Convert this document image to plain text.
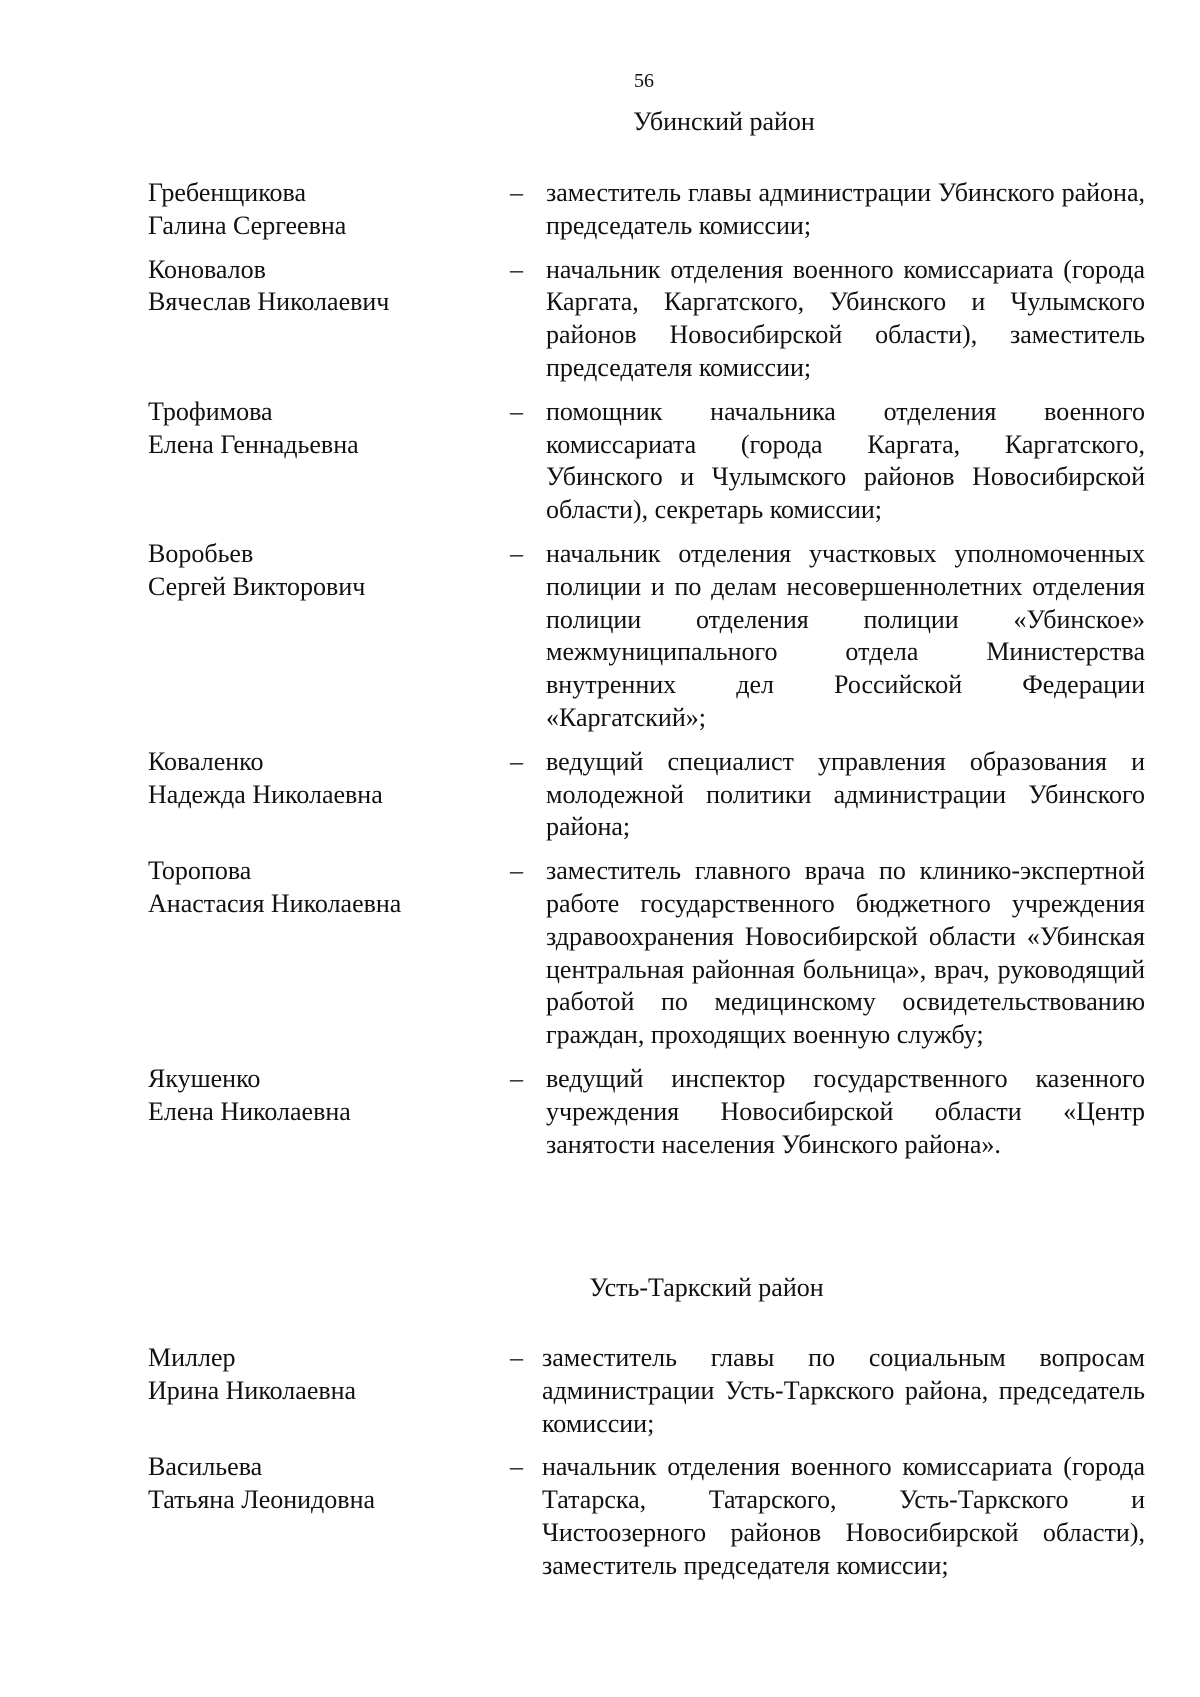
56
Убинский район
Гребенщикова
Галина Сергеевна
– заместитель главы администрации Убинского района, председатель комиссии;
Коновалов
Вячеслав Николаевич
– начальник отделения военного комиссариата (города Каргата, Каргатского, Убинского и Чулымского районов Новосибирской области), заместитель председателя комиссии;
Трофимова
Елена Геннадьевна
– помощник начальника отделения военного комиссариата (города Каргата, Каргатского, Убинского и Чулымского районов Новосибирской области), секретарь комиссии;
Воробьев
Сергей Викторович
– начальник отделения участковых уполномоченных полиции и по делам несовершеннолетних отделения полиции отделения полиции «Убинское» межмуниципального отдела Министерства внутренних дел Российской Федерации «Каргатский»;
Коваленко
Надежда Николаевна
– ведущий специалист управления образования и молодежной политики администрации Убинского района;
Торопова
Анастасия Николаевна
– заместитель главного врача по клинико-экспертной работе государственного бюджетного учреждения здравоохранения Новосибирской области «Убинская центральная районная больница», врач, руководящий работой по медицинскому освидетельствованию граждан, проходящих военную службу;
Якушенко
Елена Николаевна
– ведущий инспектор государственного казенного учреждения Новосибирской области «Центр занятости населения Убинского района».
Усть-Таркский район
Миллер
Ирина Николаевна
– заместитель главы по социальным вопросам администрации Усть-Таркского района, председатель комиссии;
Васильева
Татьяна Леонидовна
– начальник отделения военного комиссариата (города Татарска, Татарского, Усть-Таркского и Чистоозерного районов Новосибирской области), заместитель председателя комиссии;
